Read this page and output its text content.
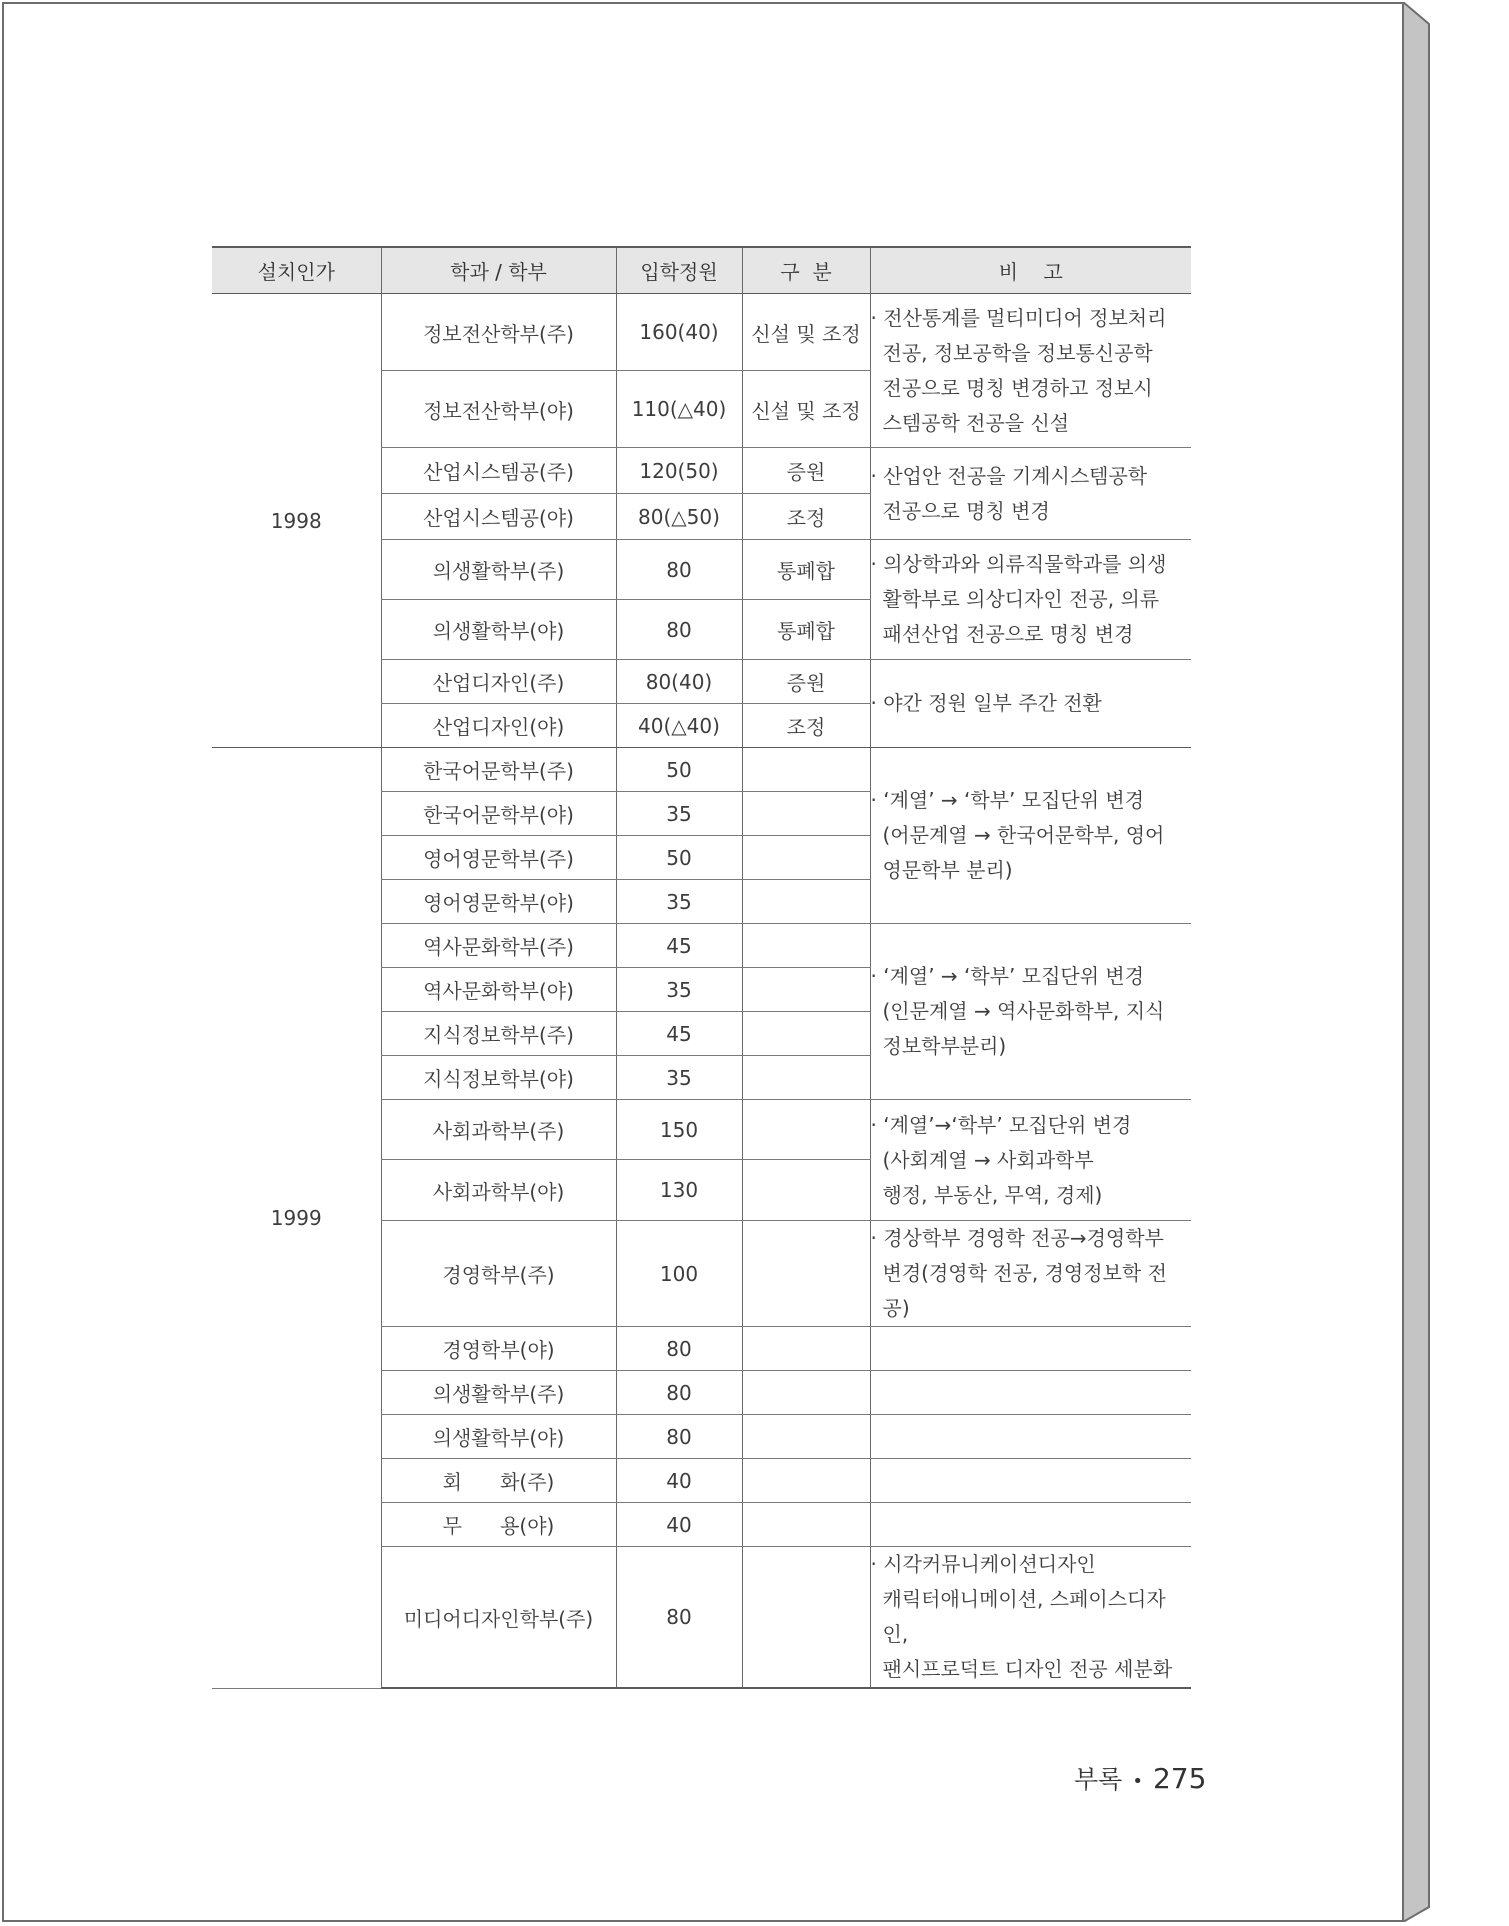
설치인가	학과 / 학부	입학정원	구  분	비    고
1998	정보전산학부(주)	160(40)	신설 및 조정	· 전산통계를 멀티미디어 정보처리
전공, 정보공학을 정보통신공학
전공으로 명칭 변경하고 정보시
스템공학 전공을 신설

	정보전산학부(야)	110(△40)	신설 및 조정	
	산업시스템공(주)	120(50)	증원	· 산업안 전공을 기계시스템공학
전공으로 명칭 변경

	산업시스템공(야)	80(△50)	조정	
	의생활학부(주)	80	통폐합	· 의상학과와 의류직물학과를 의생
활학부로 의상디자인 전공, 의류
패션산업 전공으로 명칭 변경

	의생활학부(야)	80	통폐합	
	산업디자인(주)	80(40)	증원	· 야간 정원 일부 주간 전환

	산업디자인(야)	40(△40)	조정	
1999	한국어문학부(주)	50		· ‘계열’ → ‘학부’ 모집단위 변경
(어문계열 → 한국어문학부, 영어
영문학부 분리)

	한국어문학부(야)	35		
	영어영문학부(주)	50		
	영어영문학부(야)	35		
	역사문화학부(주)	45		· ‘계열’ → ‘학부’ 모집단위 변경
(인문계열 → 역사문화학부, 지식
정보학부분리)

	역사문화학부(야)	35		
	지식정보학부(주)	45		
	지식정보학부(야)	35		
	사회과학부(주)	150		· ‘계열’→‘학부’ 모집단위 변경
(사회계열 → 사회과학부
행정, 부동산, 무역, 경제)

	사회과학부(야)	130		
	경영학부(주)	100		· 경상학부 경영학 전공→경영학부
변경(경영학 전공, 경영정보학 전공)

	경영학부(야)	80		
	의생활학부(주)	80		
	의생활학부(야)	80		
	회      화(주)	40		
	무      용(야)	40		
	미디어디자인학부(주)	80		· 시각커뮤니케이션디자인
캐릭터애니메이션, 스페이스디자인,
팬시프로덕트 디자인 전공 세분화
부록 • 275
